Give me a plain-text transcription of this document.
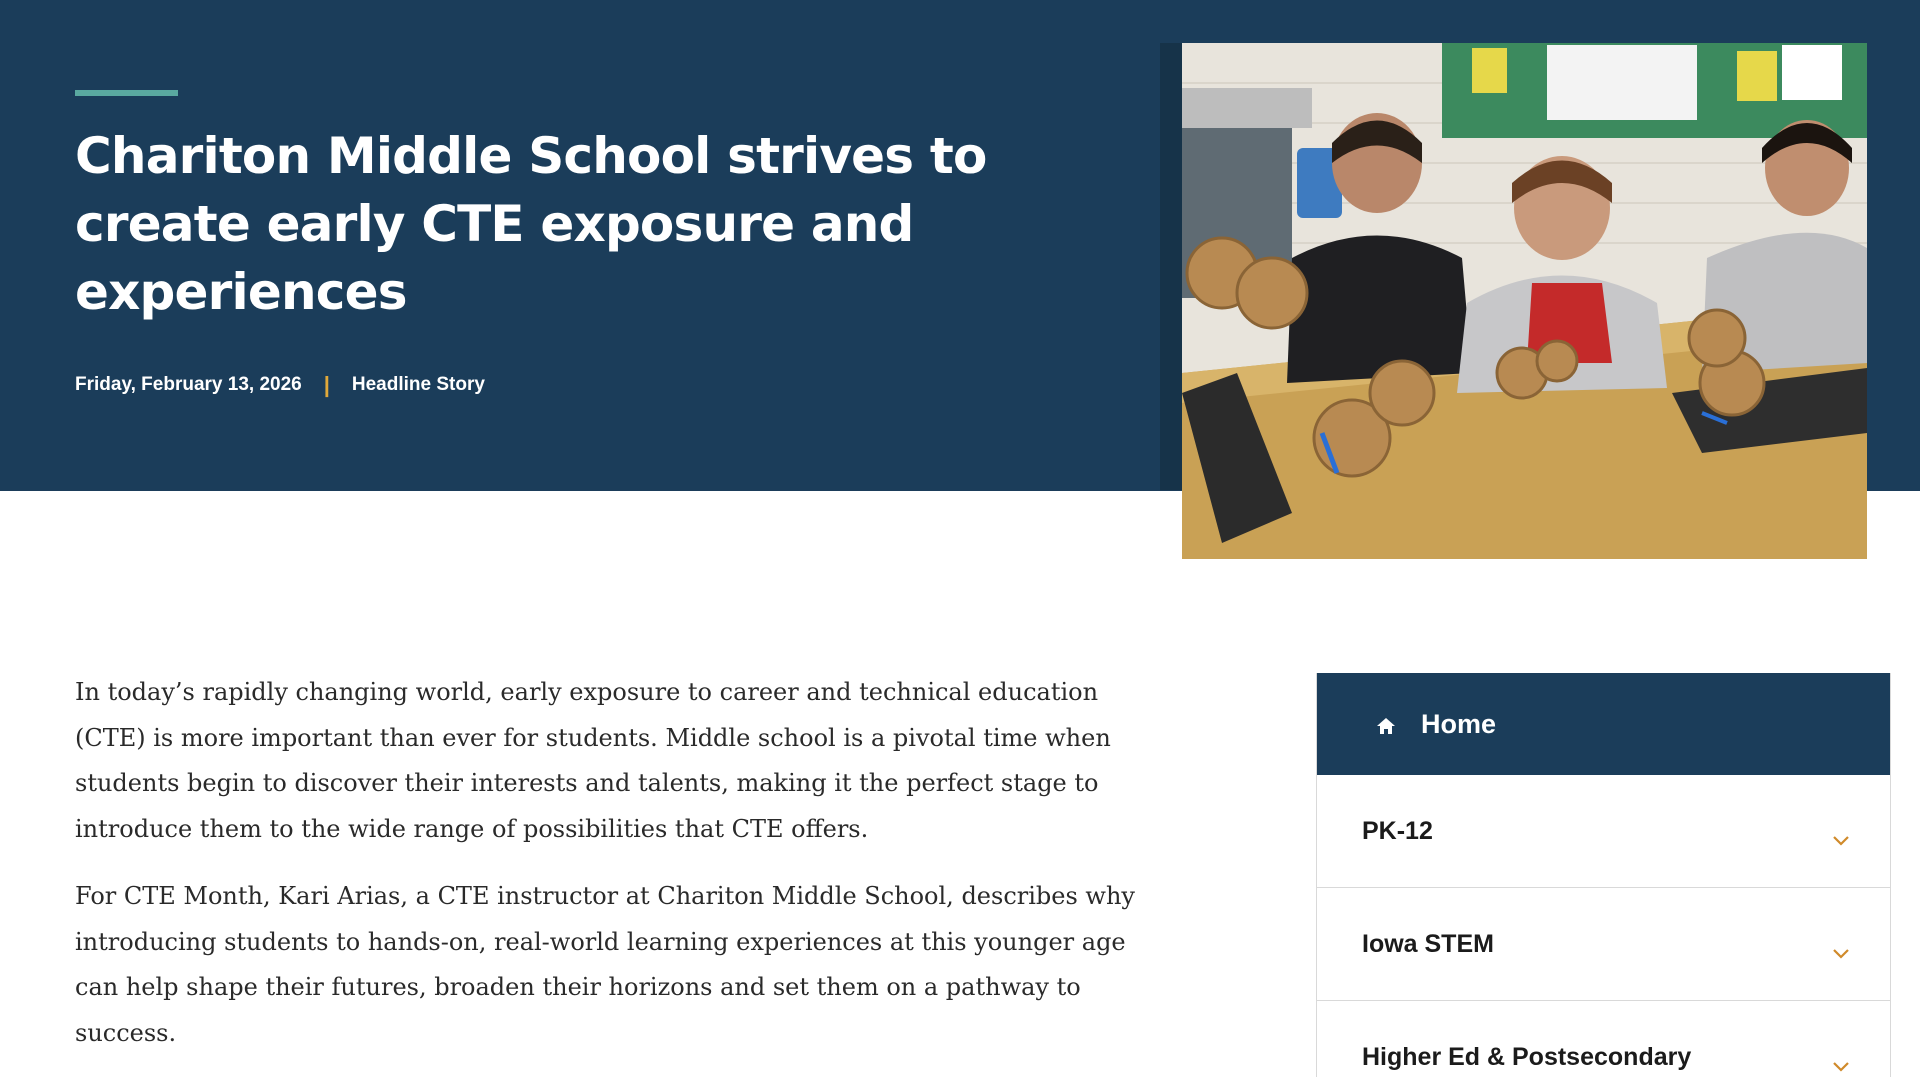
Chariton Middle School strives to create early CTE exposure and experiences
Friday, February 13, 2026 | Headline Story

In today’s rapidly changing world, early exposure to career and technical education (CTE) is more important than ever for students. Middle school is a pivotal time when students begin to discover their interests and talents, making it the perfect stage to introduce them to the wide range of possibilities that CTE offers.

For CTE Month, Kari Arias, a CTE instructor at Chariton Middle School, describes why introducing students to hands-on, real-world learning experiences at this younger age can help shape their futures, broaden their horizons and set them on a pathway to success.

Home
PK-12
Iowa STEM
Higher Ed & Postsecondary
